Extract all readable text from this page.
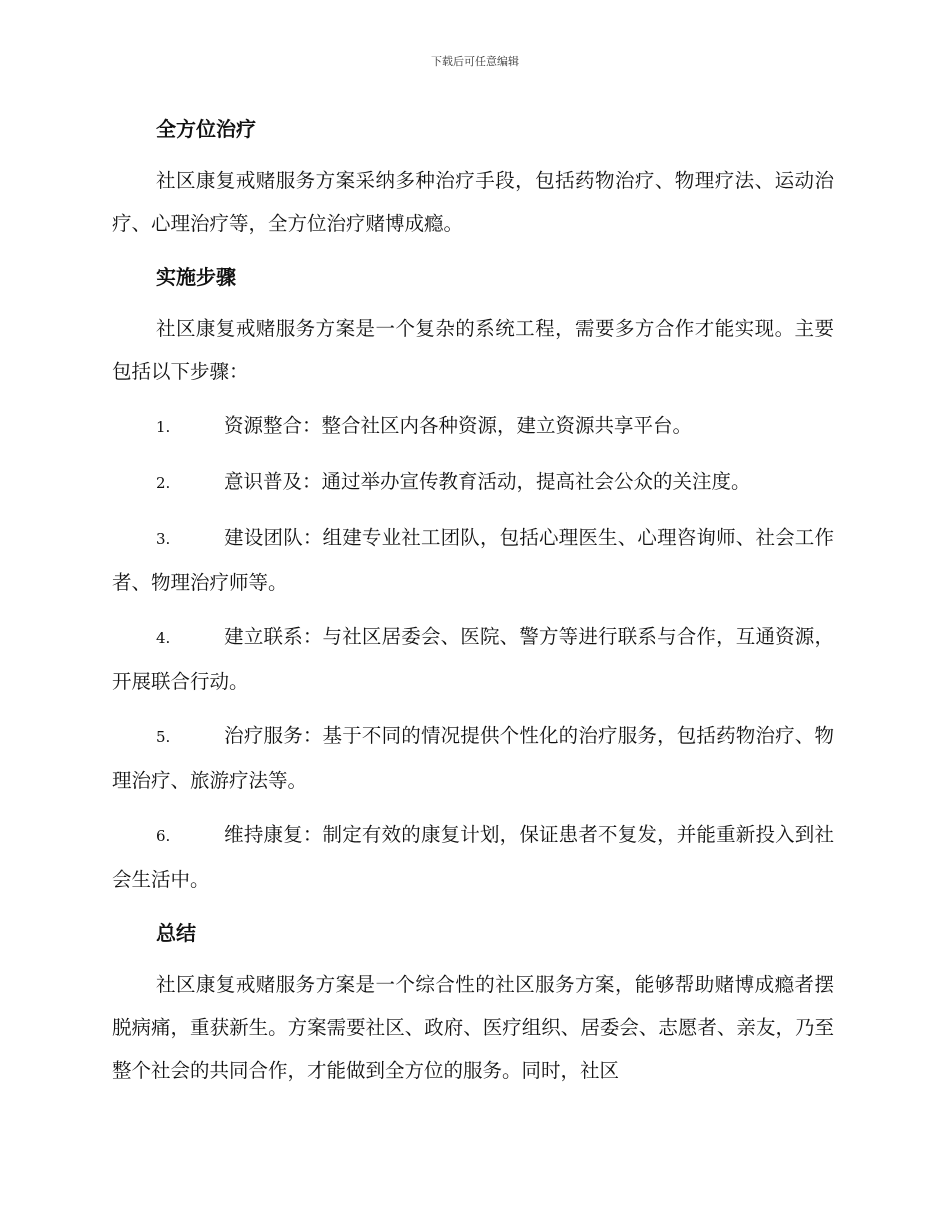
下载后可任意编辑
全方位治疗

社区康复戒赌服务方案采纳多种治疗手段，包括药物治疗、物理疗法、运动治疗、心理治疗等，全方位治疗赌博成瘾。

实施步骤

社区康复戒赌服务方案是一个复杂的系统工程，需要多方合作才能实现。主要包括以下步骤：

1.	资源整合：整合社区内各种资源，建立资源共享平台。

2.	意识普及：通过举办宣传教育活动，提高社会公众的关注度。

3.	建设团队：组建专业社工团队，包括心理医生、心理咨询师、社会工作者、物理治疗师等。

4.	建立联系：与社区居委会、医院、警方等进行联系与合作，互通资源，开展联合行动。

5.	治疗服务：基于不同的情况提供个性化的治疗服务，包括药物治疗、物理治疗、旅游疗法等。

6.	维持康复：制定有效的康复计划，保证患者不复发，并能重新投入到社会生活中。

总结

社区康复戒赌服务方案是一个综合性的社区服务方案，能够帮助赌博成瘾者摆脱病痛，重获新生。方案需要社区、政府、医疗组织、居委会、志愿者、亲友，乃至整个社会的共同合作，才能做到全方位的服务。同时，社区
